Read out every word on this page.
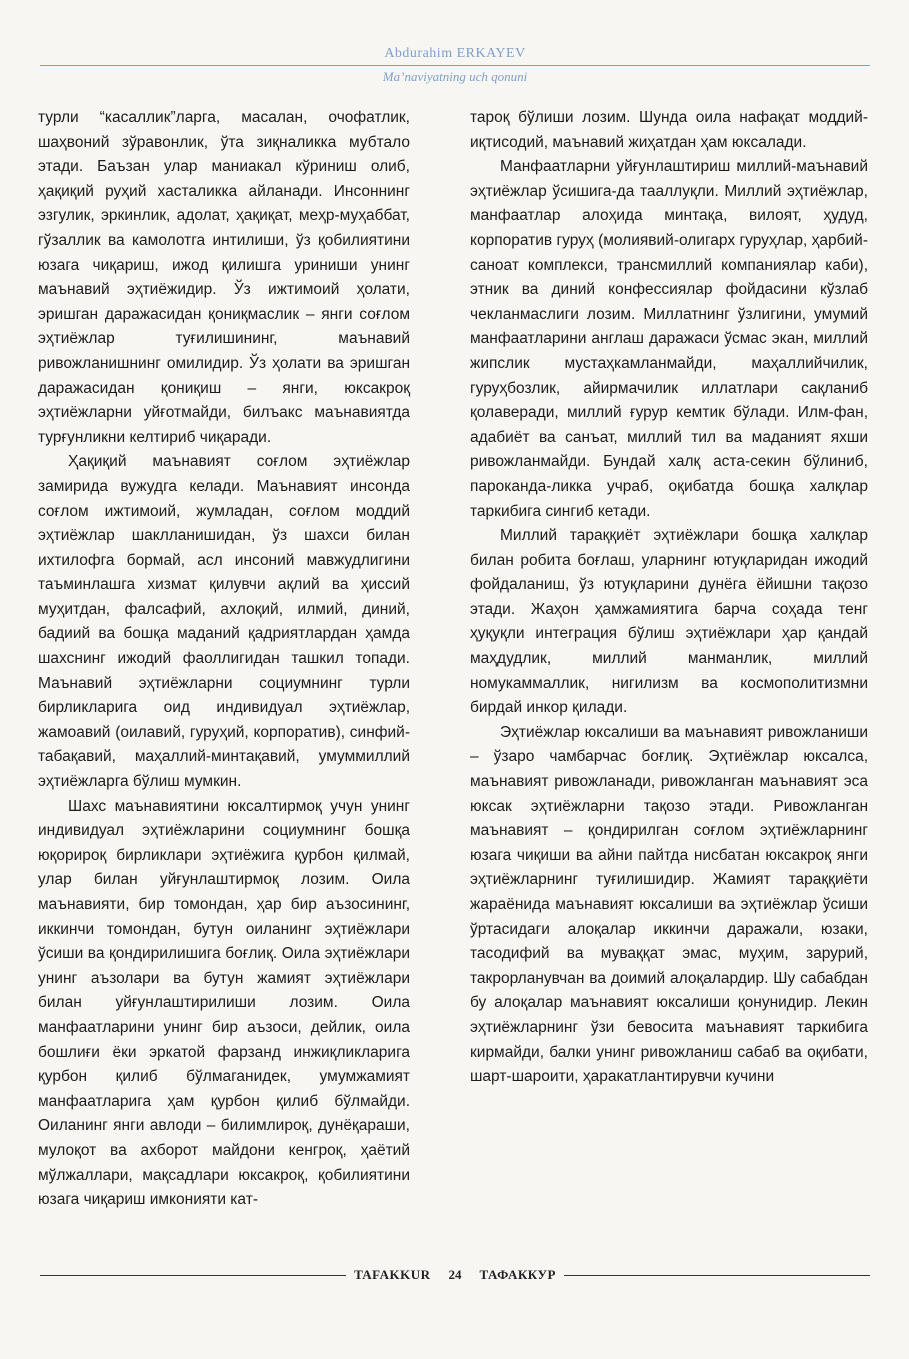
Abdurahim ERKAYEV
Ma’naviyatning uch qonuni

турли “касаллик”ларга, масалан, очофатлик, шаҳвоний зўравонлик, ўта зиқналикка мубтало этади. Баъзан улар маниакал кўриниш олиб, ҳақиқий руҳий хасталикка айланади. Инсоннинг эзгулик, эркинлик, адолат, ҳақиқат, меҳр-муҳаббат, гўзаллик ва камолотга интилиши, ўз қобилиятини юзага чиқариш, ижод қилишга уриниши унинг маънавий эҳтиёжидир. Ўз ижтимоий ҳолати, эришган даражасидан қониқмаслик – янги соғлом эҳтиёжлар туғилишининг, маънавий ривожланишнинг омилидир. Ўз ҳолати ва эришган даражасидан қониқиш – янги, юксакроқ эҳтиёжларни уйғотмайди, билъакс маънавиятда турғунликни келтириб чиқаради.

Ҳақиқий маънавият соғлом эҳтиёжлар замирида вужудга келади. Маънавият инсонда соғлом ижтимоий, жумладан, соғлом моддий эҳтиёжлар шаклланишидан, ўз шахси билан ихтилофга бормай, асл инсоний мавжудлигини таъминлашга хизмат қилувчи ақлий ва ҳиссий муҳитдан, фалсафий, ахлоқий, илмий, диний, бадиий ва бошқа маданий қадриятлардан ҳамда шахснинг ижодий фаоллигидан ташкил топади. Маънавий эҳтиёжларни социумнинг турли бирликларига оид индивидуал эҳтиёжлар, жамоавий (оилавий, гуруҳий, корпоратив), синфий-табақавий, маҳаллий-минтақавий, умуммиллий эҳтиёжларга бўлиш мумкин.

Шахс маънавиятини юксалтирмоқ учун унинг индивидуал эҳтиёжларини социумнинг бошқа юқорироқ бирликлари эҳтиёжига қурбон қилмай, улар билан уйғунлаштирмоқ лозим. Оила маънавияти, бир томондан, ҳар бир аъзосининг, иккинчи томондан, бутун оиланинг эҳтиёжлари ўсиши ва қондирилишига боғлиқ. Оила эҳтиёжлари унинг аъзолари ва бутун жамият эҳтиёжлари билан уйғунлаштирилиши лозим. Оила манфаатларини унинг бир аъзоси, дейлик, оила бошлиғи ёки эркатой фарзанд инжиқликларига қурбон қилиб бўлмаганидек, умумжамият манфаатларига ҳам қурбон қилиб бўлмайди. Оиланинг янги авлоди – билимлироқ, дунёқараши, мулоқот ва ахборот майдони кенгроқ, ҳаётий мўлжаллари, мақсадлари юксакроқ, қобилиятини юзага чиқариш имконияти кат-

тароқ бўлиши лозим. Шунда оила нафақат моддий-иқтисодий, маънавий жиҳатдан ҳам юксалади.

Манфаатларни уйғунлаштириш миллий-маънавий эҳтиёжлар ўсишига-да тааллуқли. Миллий эҳтиёжлар, манфаатлар алоҳида минтақа, вилоят, ҳудуд, корпоратив гуруҳ (молиявий-олигарх гуруҳлар, ҳарбий-саноат комплекси, трансмиллий компаниялар каби), этник ва диний конфессиялар фойдасини кўзлаб чекланмаслиги лозим. Миллатнинг ўзлигини, умумий манфаатларини англаш даражаси ўсмас экан, миллий жипслик мустаҳкамланмайди, маҳаллийчилик, гуруҳбозлик, айирмачилик иллатлари сақланиб қолаверади, миллий ғурур кемтик бўлади. Илм-фан, адабиёт ва санъат, миллий тил ва маданият яхши ривожланмайди. Бундай халқ аста-секин бўлиниб, пароканда-ликка учраб, оқибатда бошқа халқлар таркибига сингиб кетади.

Миллий тараққиёт эҳтиёжлари бошқа халқлар билан робита боғлаш, уларнинг ютуқларидан ижодий фойдаланиш, ўз ютуқларини дунёга ёйишни тақозо этади. Жаҳон ҳамжамиятига барча соҳада тенг ҳуқуқли интеграция бўлиш эҳтиёжлари ҳар қандай маҳдудлик, миллий манманлик, миллий номукаммаллик, нигилизм ва космополитизмни бирдай инкор қилади.

Эҳтиёжлар юксалиши ва маънавият ривожланиши – ўзаро чамбарчас боғлиқ. Эҳтиёжлар юксалса, маънавият ривожланади, ривожланган маънавият эса юксак эҳтиёжларни тақозо этади. Ривожланган маънавият – қондирилган соғлом эҳтиёжларнинг юзага чиқиши ва айни пайтда нисбатан юксакроқ янги эҳтиёжларнинг туғилишидир. Жамият тараққиёти жараёнида маънавият юксалиши ва эҳтиёжлар ўсиши ўртасидаги алоқалар иккинчи даражали, юзаки, тасодифий ва муваққат эмас, муҳим, зарурий, такрорланувчан ва доимий алоқалардир. Шу сабабдан бу алоқалар маънавият юксалиши қонунидир. Лекин эҳтиёжларнинг ўзи бевосита маънавият таркибига кирмайди, балки унинг ривожланиш сабаб ва оқибати, шарт-шароити, ҳаракатлантирувчи кучини

TAFAKKUR	24	ТАФАККУР
